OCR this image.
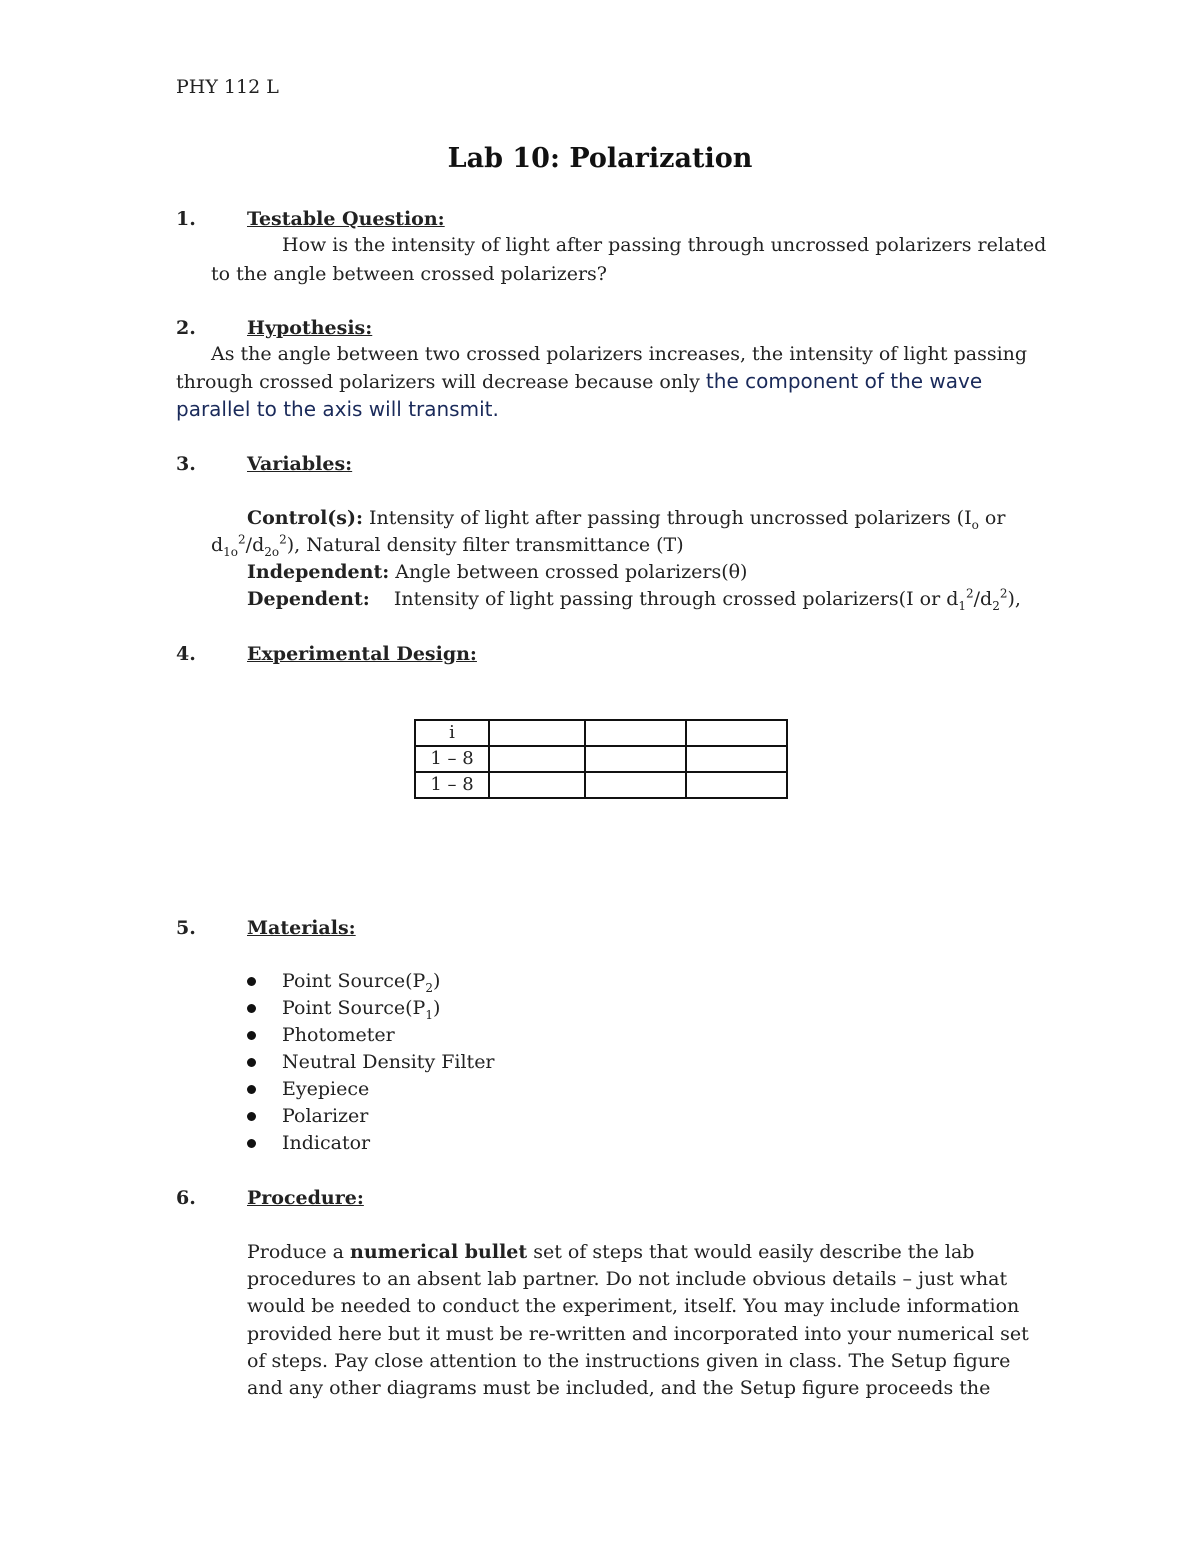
PHY 112 L
Lab 10: Polarization
1.	Testable Question:
How is the intensity of light after passing through uncrossed polarizers related
to the angle between crossed polarizers?
2.	Hypothesis:
As the angle between two crossed polarizers increases, the intensity of light passing
through crossed polarizers will decrease because only the component of the wave
parallel to the axis will transmit.
3.	Variables:
Control(s): Intensity of light after passing through uncrossed polarizers ($I_o$ or
$d_{1o}^2/d_{2o}^2$), Natural density filter transmittance (T)
Independent: Angle between crossed polarizers(θ)
Dependent: Intensity of light passing through crossed polarizers(I or $d_1^2/d_2^2$),
4.	Experimental Design:
i			
1 – 8			
1 – 8			
5.	Materials:
Point $Source(P_2)$
Point $Source(P_1)$
Photometer
Neutral Density Filter
Eyepiece
Polarizer
Indicator
6.	Procedure:
Produce a numerical bullet set of steps that would easily describe the lab
procedures to an absent lab partner. Do not include obvious details – just what
would be needed to conduct the experiment, itself. You may include information
provided here but it must be re-written and incorporated into your numerical set
of steps. Pay close attention to the instructions given in class. The Setup figure
and any other diagrams must be included, and the Setup figure proceeds the
